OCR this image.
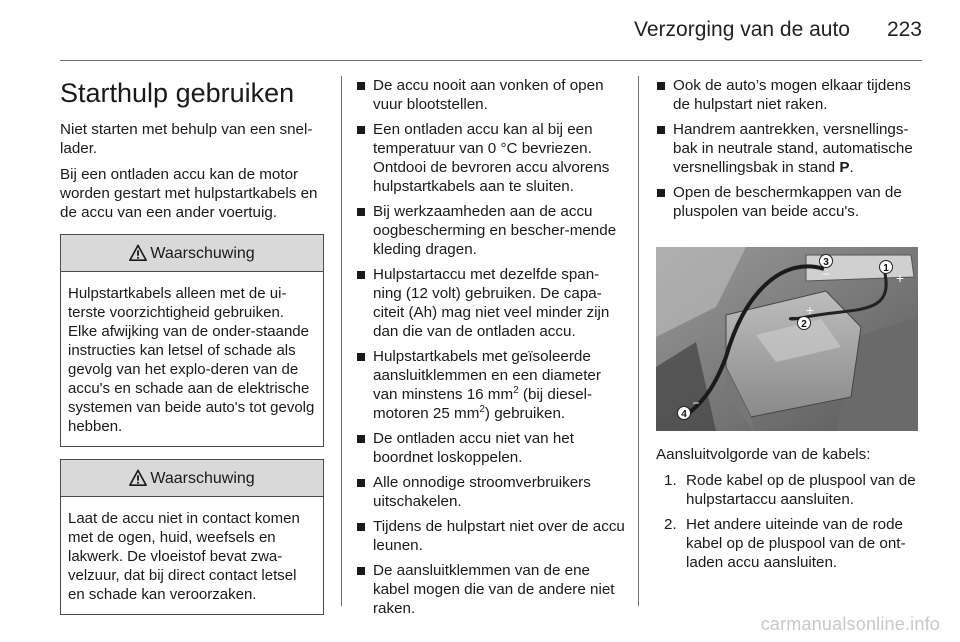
Verzorging van de auto	223
Starthulp gebruiken

Niet starten met behulp van een snel-lader.

Bij een ontladen accu kan de motor worden gestart met hulpstartkabels en de accu van een ander voertuig.

Waarschuwing
Hulpstartkabels alleen met de ui-terste voorzichtigheid gebruiken. Elke afwijking van de onder-staande instructies kan letsel of schade als gevolg van het explo-deren van de accu's en schade aan de elektrische systemen van beide auto's tot gevolg hebben.
Waarschuwing
Laat de accu niet in contact komen met de ogen, huid, weefsels en lakwerk. De vloeistof bevat zwa-velzuur, dat bij direct contact letsel en schade kan veroorzaken.
De accu nooit aan vonken of open vuur blootstellen.
Een ontladen accu kan al bij een temperatuur van 0 °C bevriezen. Ontdooi de bevroren accu alvorens hulpstartkabels aan te sluiten.
Bij werkzaamheden aan de accu oogbescherming en bescher-mende kleding dragen.
Hulpstartaccu met dezelfde span-ning (12 volt) gebruiken. De capa-citeit (Ah) mag niet veel minder zijn dan die van de ontladen accu.
Hulpstartkabels met geïsoleerde aansluitklemmen en een diameter van minstens 16 $mm^2$ (bij diesel-motoren 25 $mm^2$) gebruiken.
De ontladen accu niet van het boordnet loskoppelen.
Alle onnodige stroomverbruikers uitschakelen.
Tijdens de hulpstart niet over de accu leunen.
De aansluitklemmen van de ene kabel mogen die van de andere niet raken.
Ook de auto’s mogen elkaar tijdens de hulpstart niet raken.
Handrem aantrekken, versnellings-bak in neutrale stand, automatische versnellingsbak in stand P.
Open de beschermkappen van de pluspolen van beide accu's.
3
−	1
+
2
+
4
−

Aansluitvolgorde van de kabels:

1. Rode kabel op de pluspool van de hulpstartaccu aansluiten.
2. Het andere uiteinde van de rode kabel op de pluspool van de ont-laden accu aansluiten.
carmanualsonline.info
